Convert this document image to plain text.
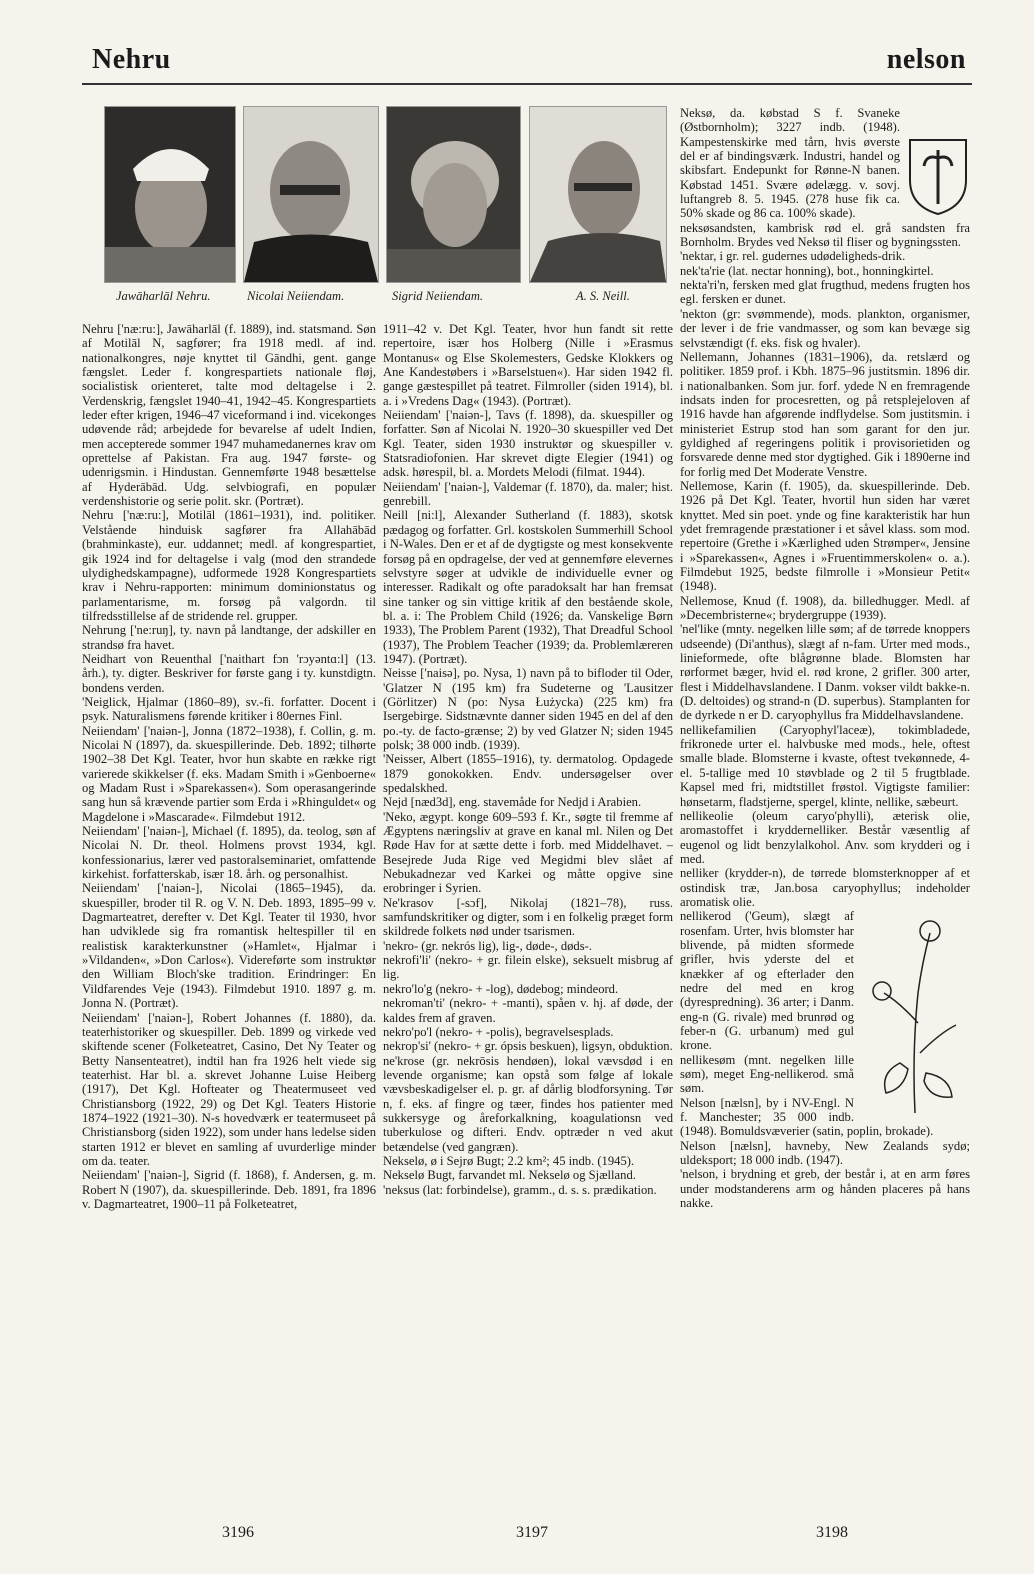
Nehru	nelson
Jawāharlāl Nehru.	Nicolai Neiiendam.	Sigrid Neiiendam.	A. S. Neill.

Nehru ['næ:ru:], Jawāharlāl (f. 1889), ind. statsmand. Søn af Motilāl N, sagfører; fra 1918 medl. af ind. nationalkongres, nøje knyttet til Gāndhi, gent. gange fængslet. Leder f. kongrespartiets nationale fløj, socialistisk orienteret, talte mod deltagelse i 2. Verdenskrig, fængslet 1940–41, 1942–45. Kongrespartiets leder efter krigen, 1946–47 viceformand i ind. vicekonges udøvende råd; arbejdede for bevarelse af udelt Indien, men accepterede sommer 1947 muhamedanernes krav om oprettelse af Pakistan. Fra aug. 1947 første- og udenrigsmin. i Hindustan. Gennemførte 1948 besættelse af Hyderābād. Udg. selvbiografi, en populær verdenshistorie og serie polit. skr. (Portræt).

Nehru ['næ:ru:], Motilāl (1861–1931), ind. politiker. Velstående hinduisk sagfører fra Allahābād (brahminkaste), eur. uddannet; medl. af kongrespartiet, gik 1924 ind for deltagelse i valg (mod den strandede ulydighedskampagne), udformede 1928 Kongrespartiets krav i Nehru-rapporten: minimum dominionstatus og parlamentarisme, m. forsøg på valgordn. til tilfredsstillelse af de stridende rel. grupper.

Nehrung ['ne:ruŋ], ty. navn på landtange, der adskiller en strandsø fra havet.

Neidhart von Reuenthal ['naithart fɔn 'rɔyəntɑ:l] (13. årh.), ty. digter. Beskriver for første gang i ty. kunstdigtn. bondens verden.

'Neiglick, Hjalmar (1860–89), sv.-fi. forfatter. Docent i psyk. Naturalismens førende kritiker i 80ernes Finl.

Neiiendam' ['naiən-], Jonna (1872–1938), f. Collin, g. m. Nicolai N (1897), da. skuespillerinde. Deb. 1892; tilhørte 1902–38 Det Kgl. Teater, hvor hun skabte en række rigt varierede skikkelser (f. eks. Madam Smith i »Genboerne« og Madam Rust i »Sparekassen«). Som operasangerinde sang hun så krævende partier som Erda i »Rhinguldet« og Magdelone i »Mascarade«. Filmdebut 1912.

Neiiendam' ['naiən-], Michael (f. 1895), da. teolog, søn af Nicolai N. Dr. theol. Holmens provst 1934, kgl. konfessionarius, lærer ved pastoralseminariet, omfattende kirkehist. forfatterskab, især 18. årh. og personalhist.

Neiiendam' ['naiən-], Nicolai (1865–1945), da. skuespiller, broder til R. og V. N. Deb. 1893, 1895–99 v. Dagmarteatret, derefter v. Det Kgl. Teater til 1930, hvor han udviklede sig fra romantisk heltespiller til en realistisk karakterkunstner (»Hamlet«, Hjalmar i »Vildanden«, »Don Carlos«). Videreførte som instruktør den William Bloch'ske tradition. Erindringer: En Vildfarendes Veje (1943). Filmdebut 1910. 1897 g. m. Jonna N. (Portræt).

Neiiendam' ['naiən-], Robert Johannes (f. 1880), da. teaterhistoriker og skuespiller. Deb. 1899 og virkede ved skiftende scener (Folketeatret, Casino, Det Ny Teater og Betty Nansenteatret), indtil han fra 1926 helt viede sig teaterhist. Har bl. a. skrevet Johanne Luise Heiberg (1917), Det Kgl. Hofteater og Theatermuseet ved Christiansborg (1922, 29) og Det Kgl. Teaters Historie 1874–1922 (1921–30). N-s hovedværk er teatermuseet på Christiansborg (siden 1922), som under hans ledelse siden starten 1912 er blevet en samling af uvurderlige minder om da. teater.

Neiiendam' ['naiən-], Sigrid (f. 1868), f. Andersen, g. m. Robert N (1907), da. skuespillerinde. Deb. 1891, fra 1896 v. Dagmarteatret, 1900–11 på Folketeatret,

1911–42 v. Det Kgl. Teater, hvor hun fandt sit rette repertoire, især hos Holberg (Nille i »Erasmus Montanus« og Else Skolemesters, Gedske Klokkers og Ane Kandestøbers i »Barselstuen«). Har siden 1942 fl. gange gæstespillet på teatret. Filmroller (siden 1914), bl. a. i »Vredens Dag« (1943). (Portræt).

Neiiendam' ['naiən-], Tavs (f. 1898), da. skuespiller og forfatter. Søn af Nicolai N. 1920–30 skuespiller ved Det Kgl. Teater, siden 1930 instruktør og skuespiller v. Statsradiofonien. Har skrevet digte Elegier (1941) og adsk. hørespil, bl. a. Mordets Melodi (filmat. 1944).

Neiiendam' ['naiən-], Valdemar (f. 1870), da. maler; hist. genrebill.

Neill [ni:l], Alexander Sutherland (f. 1883), skotsk pædagog og forfatter. Grl. kostskolen Summerhill School i N-Wales. Den er et af de dygtigste og mest konsekvente forsøg på en opdragelse, der ved at gennemføre elevernes selvstyre søger at udvikle de individuelle evner og interesser. Radikalt og ofte paradoksalt har han fremsat sine tanker og sin vittige kritik af den bestående skole, bl. a. i: The Problem Child (1926; da. Vanskelige Børn 1933), The Problem Parent (1932), That Dreadful School (1937), The Problem Teacher (1939; da. Problemlæreren 1947). (Portræt).

Neisse ['naisə], po. Nysa, 1) navn på to bifloder til Oder, 'Glatzer N (195 km) fra Sudeterne og 'Lausitzer (Görlitzer) N (po: Nysa Łużycka) (225 km) fra Isergebirge. Sidstnævnte danner siden 1945 en del af den po.-ty. de facto-grænse; 2) by ved Glatzer N; siden 1945 polsk; 38 000 indb. (1939).

'Neisser, Albert (1855–1916), ty. dermatolog. Opdagede 1879 gonokokken. Endv. undersøgelser over spedalskhed.

Nejd [næd3d], eng. stavemåde for Nedjd i Arabien.

'Neko, ægypt. konge 609–593 f. Kr., søgte til fremme af Ægyptens næringsliv at grave en kanal ml. Nilen og Det Røde Hav for at sætte dette i forb. med Middelhavet. – Besejrede Juda Rige ved Megidmi blev slået af Nebukadnezar ved Karkei og måtte opgive sine erobringer i Syrien.

Ne'krasov [-sɔf], Nikolaj (1821–78), russ. samfundskritiker og digter, som i en folkelig præget form skildrede folkets nød under tsarismen.

'nekro- (gr. nekrós lig), lig-, døde-, døds-.

nekrofi'li' (nekro- + gr. filein elske), seksuelt misbrug af lig.

nekro'lo'g (nekro- + -log), dødebog; mindeord.

nekroman'ti' (nekro- + -manti), spåen v. hj. af døde, der kaldes frem af graven.

nekro'po'l (nekro- + -polis), begravelsesplads.

nekrop'si' (nekro- + gr. ópsis beskuen), ligsyn, obduktion.

ne'krose (gr. nekrōsis hendøen), lokal vævsdød i en levende organisme; kan opstå som følge af lokale vævsbeskadigelser el. p. gr. af dårlig blodforsyning. Tør n, f. eks. af fingre og tæer, findes hos patienter med sukkersyge og åreforkalkning, koagulationsn ved tuberkulose og difteri. Endv. optræder n ved akut betændelse (ved gangræn).

Nekselø, ø i Sejrø Bugt; 2.2 km²; 45 indb. (1945).

Nekselø Bugt, farvandet ml. Nekselø og Sjælland.

'neksus (lat: forbindelse), gramm., d. s. s. prædikation.

Neksø, da. købstad S f. Svaneke (Østbornholm); 3227 indb. (1948). Kampestenskirke med tårn, hvis øverste del er af bindingsværk. Industri, handel og skibsfart. Endepunkt for Rønne-N banen. Købstad 1451. Svære ødelægg. v. sovj. luftangreb 8. 5. 1945. (278 huse fik ca. 50% skade og 86 ca. 100% skade).

neksøsandsten, kambrisk rød el. grå sandsten fra Bornholm. Brydes ved Neksø til fliser og bygningssten.

'nektar, i gr. rel. gudernes udødeligheds-drik.

nek'ta'rie (lat. nectar honning), bot., honningkirtel.

nekta'ri'n, fersken med glat frugthud, medens frugten hos egl. fersken er dunet.

'nekton (gr: svømmende), mods. plankton, organismer, der lever i de frie vandmasser, og som kan bevæge sig selvstændigt (f. eks. fisk og hvaler).

Nellemann, Johannes (1831–1906), da. retslærd og politiker. 1859 prof. i Kbh. 1875–96 justitsmin. 1896 dir. i nationalbanken. Som jur. forf. ydede N en fremragende indsats inden for procesretten, og på retsplejeloven af 1916 havde han afgørende indflydelse. Som justitsmin. i ministeriet Estrup stod han som garant for den jur. gyldighed af regeringens politik i provisorietiden og forsvarede denne med stor dygtighed. Gik i 1890erne ind for forlig med Det Moderate Venstre.

Nellemose, Karin (f. 1905), da. skuespillerinde. Deb. 1926 på Det Kgl. Teater, hvortil hun siden har været knyttet. Med sin poet. ynde og fine karakteristik har hun ydet fremragende præstationer i et såvel klass. som mod. repertoire (Grethe i »Kærlighed uden Strømper«, Jensine i »Sparekassen«, Agnes i »Fruentimmerskolen« o. a.). Filmdebut 1925, bedste filmrolle i »Monsieur Petit« (1948).

Nellemose, Knud (f. 1908), da. billedhugger. Medl. af »Decembristerne«; brydergruppe (1939).

'nel'like (mnty. negelken lille søm; af de tørrede knoppers udseende) (Di'anthus), slægt af n-fam. Urter med mods., linieformede, ofte blågrønne blade. Blomsten har rørformet bæger, hvid el. rød krone, 2 grifler. 300 arter, flest i Middelhavslandene. I Danm. vokser vildt bakke-n. (D. deltoides) og strand-n (D. superbus). Stamplanten for de dyrkede n er D. caryophyllus fra Middelhavslandene.

nellikefamilien (Caryophyl'laceæ), tokimbladede, frikronede urter el. halvbuske med mods., hele, oftest smalle blade. Blomsterne i kvaste, oftest tvekønnede, 4- el. 5-tallige med 10 støvblade og 2 til 5 frugtblade. Kapsel med fri, midtstillet frøstol. Vigtigste familier: hønsetarm, fladstjerne, spergel, klinte, nellike, sæbeurt.

nellikeolie (oleum caryo'phylli), æterisk olie, aromastoffet i kryddernelliker. Består væsentlig af eugenol og lidt benzylalkohol. Anv. som krydderi og i med.

nelliker (krydder-n), de tørrede blomsterknopper af et ostindisk træ, Jan.bosa caryophyllus; indeholder aromatisk olie.

nellikerod ('Geum), slægt af rosenfam. Urter, hvis blomster har blivende, på midten sformede grifler, hvis yderste del et knækker af og efterlader den nedre del med en krog (dyrespredning). 36 arter; i Danm. eng-n (G. rivale) med brunrød og feber-n (G. urbanum) med gul krone.

nellikesøm (mnt. negelken lille søm), meget Eng-nellikerod. små søm.

Nelson [nælsn], by i NV-Engl. N f. Manchester; 35 000 indb. (1948). Bomuldsvæverier (satin, poplin, brokade).

Nelson [nælsn], havneby, New Zealands sydø; uldeksport; 18 000 indb. (1947).

'nelson, i brydning et greb, der består i, at en arm føres under modstanderens arm og hånden placeres på hans nakke.

3196	3197	3198
